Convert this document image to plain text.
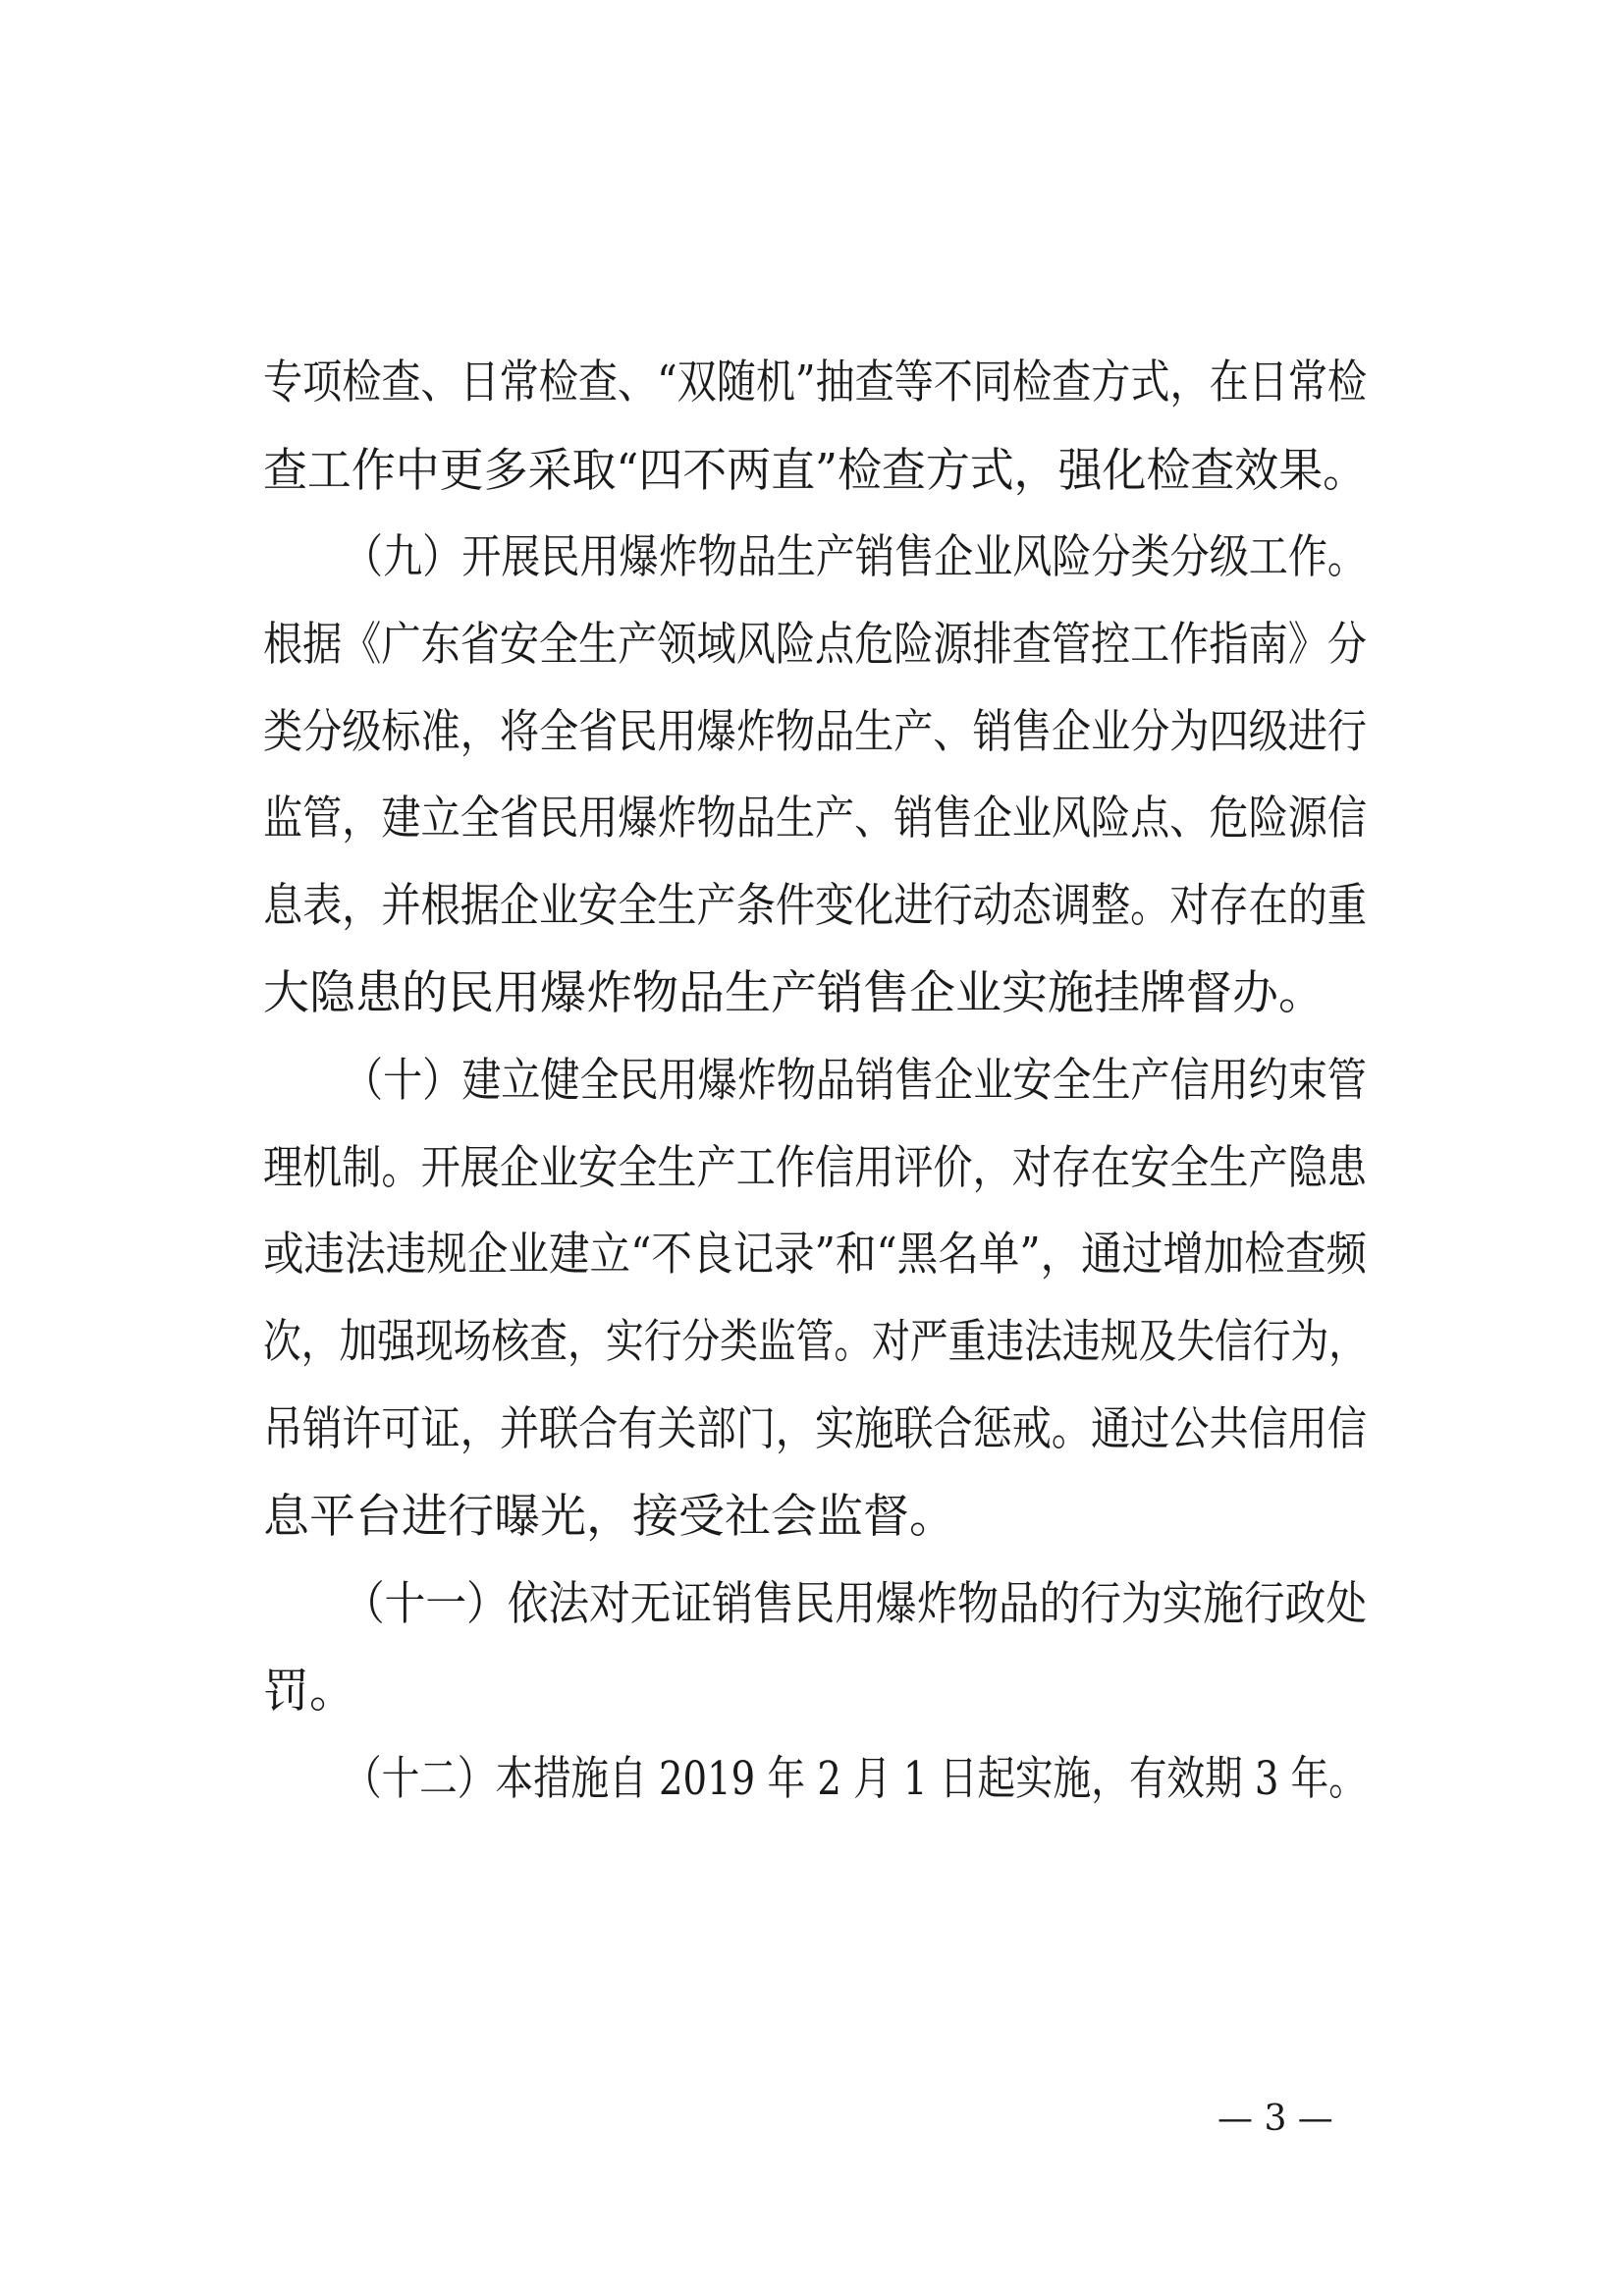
专项检查、日常检查、“双随机”抽查等不同检查方式，在日常检
查工作中更多采取“四不两直”检查方式，强化检查效果。
（九）开展民用爆炸物品生产销售企业风险分类分级工作。
根据《广东省安全生产领域风险点危险源排查管控工作指南》分
类分级标准，将全省民用爆炸物品生产、销售企业分为四级进行
监管，建立全省民用爆炸物品生产、销售企业风险点、危险源信
息表，并根据企业安全生产条件变化进行动态调整。对存在的重
大隐患的民用爆炸物品生产销售企业实施挂牌督办。
（十）建立健全民用爆炸物品销售企业安全生产信用约束管
理机制。开展企业安全生产工作信用评价，对存在安全生产隐患
或违法违规企业建立“不良记录”和“黑名单”，通过增加检查频
次，加强现场核查，实行分类监管。对严重违法违规及失信行为，
吊销许可证，并联合有关部门，实施联合惩戒。通过公共信用信
息平台进行曝光，接受社会监督。
（十一）依法对无证销售民用爆炸物品的行为实施行政处
罚。
（十二）本措施自 2019 年 2 月 1 日起实施，有效期 3 年。
— 3 —
